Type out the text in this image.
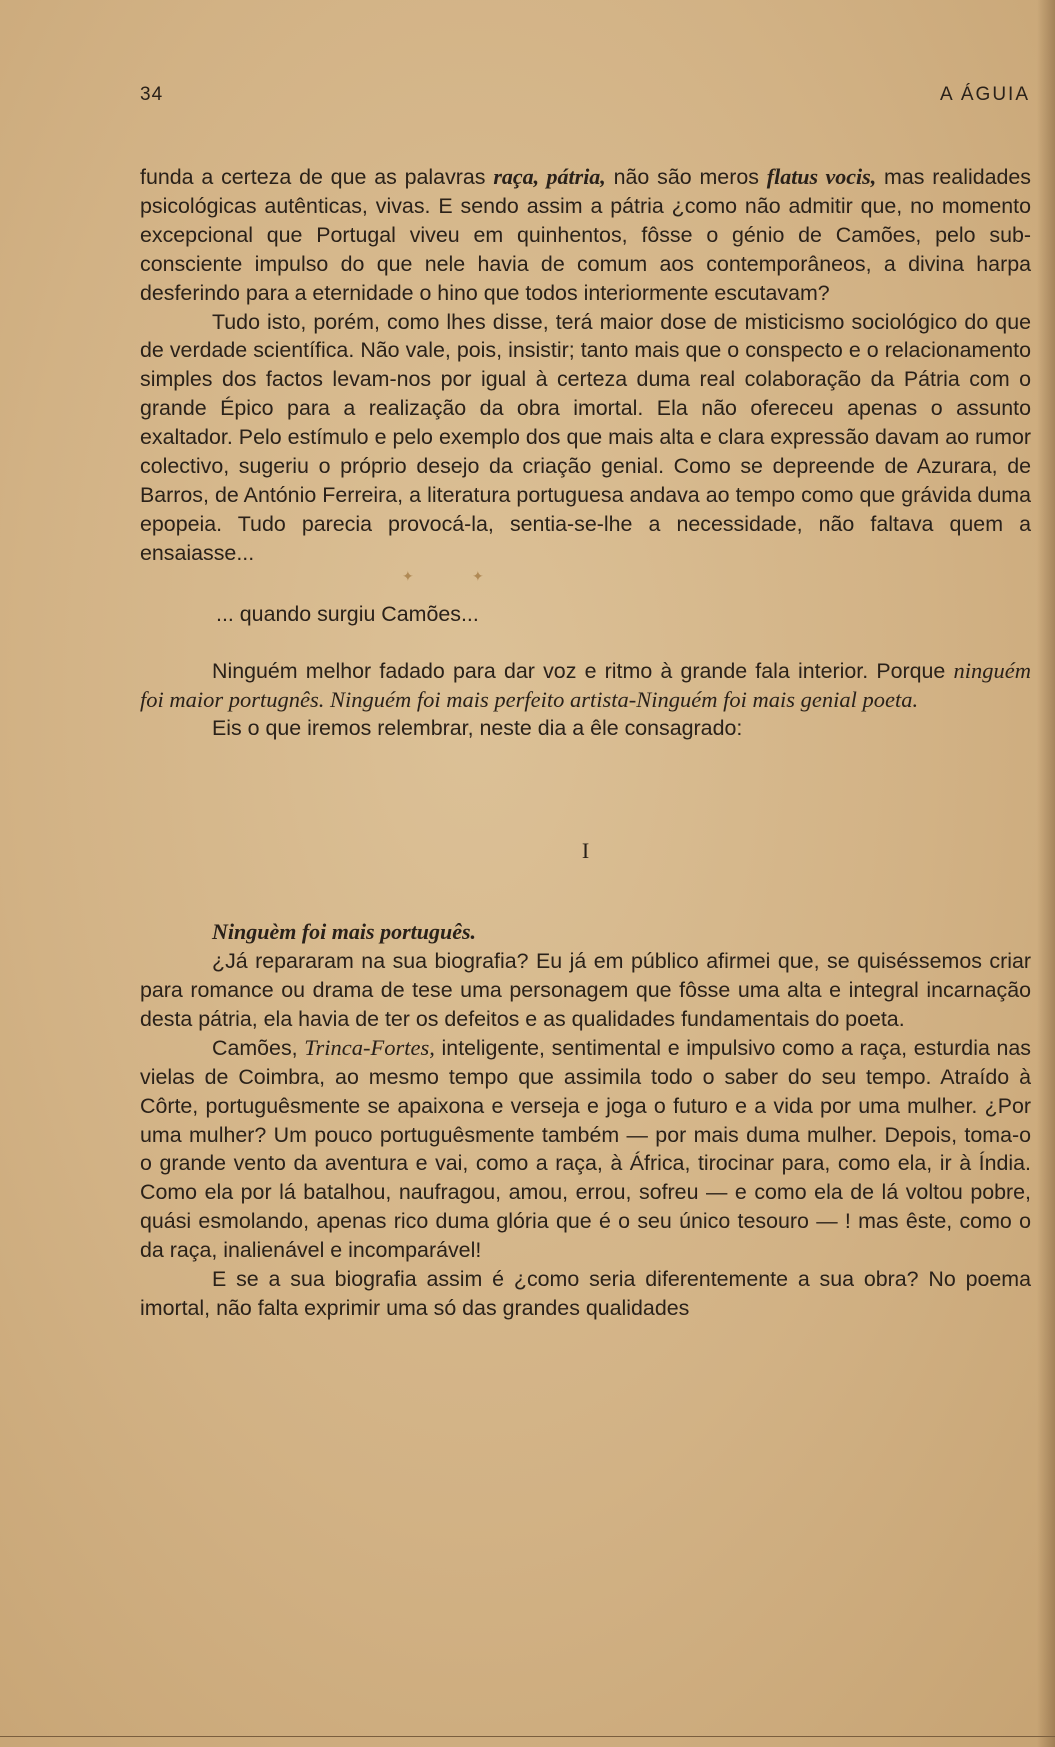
34	A ÁGUIA

funda a certeza de que as palavras raça, pátria, não são meros flatus vocis, mas realidades psicológicas autênticas, vivas. E sendo assim a pátria ¿como não admitir que, no momento excepcional que Portugal viveu em quinhentos, fôsse o génio de Camões, pelo sub-consciente impulso do que nele havia de comum aos contemporâneos, a divina harpa desferindo para a eternidade o hino que todos interiormente escutavam?

Tudo isto, porém, como lhes disse, terá maior dose de misticismo sociológico do que de verdade scientífica. Não vale, pois, insistir; tanto mais que o conspecto e o relacionamento simples dos factos levam-nos por igual à certeza duma real colaboração da Pátria com o grande Épico para a realização da obra imortal. Ela não ofereceu apenas o assunto exaltador. Pelo estímulo e pelo exemplo dos que mais alta e clara expressão davam ao rumor colectivo, sugeriu o próprio desejo da criação genial. Como se depreende de Azurara, de Barros, de António Ferreira, a literatura portuguesa andava ao tempo como que grávida duma epopeia. Tudo parecia provocá-la, sentia-se-lhe a necessidade, não faltava quem a ensaiasse...

✦	✦

... quando surgiu Camões...

Ninguém melhor fadado para dar voz e ritmo à grande fala interior. Porque ninguém foi maior portugnês. Ninguém foi mais perfeito artista-Ninguém foi mais genial poeta.

Eis o que iremos relembrar, neste dia a êle consagrado:

I

Ninguèm foi mais português.

¿Já repararam na sua biografia? Eu já em público afirmei que, se quiséssemos criar para romance ou drama de tese uma personagem que fôsse uma alta e integral incarnação desta pátria, ela havia de ter os defeitos e as qualidades fundamentais do poeta.

Camões, Trinca-Fortes, inteligente, sentimental e impulsivo como a raça, esturdia nas vielas de Coimbra, ao mesmo tempo que assimila todo o saber do seu tempo. Atraído à Côrte, portuguêsmente se apaixona e verseja e joga o futuro e a vida por uma mulher. ¿Por uma mulher? Um pouco portuguêsmente também — por mais duma mulher. Depois, toma-o o grande vento da aventura e vai, como a raça, à África, tirocinar para, como ela, ir à Índia. Como ela por lá batalhou, naufragou, amou, errou, sofreu — e como ela de lá voltou pobre, quási esmolando, apenas rico duma glória que é o seu único tesouro — ! mas êste, como o da raça, inalienável e incomparável!

E se a sua biografia assim é ¿como seria diferentemente a sua obra? No poema imortal, não falta exprimir uma só das grandes qualidades
